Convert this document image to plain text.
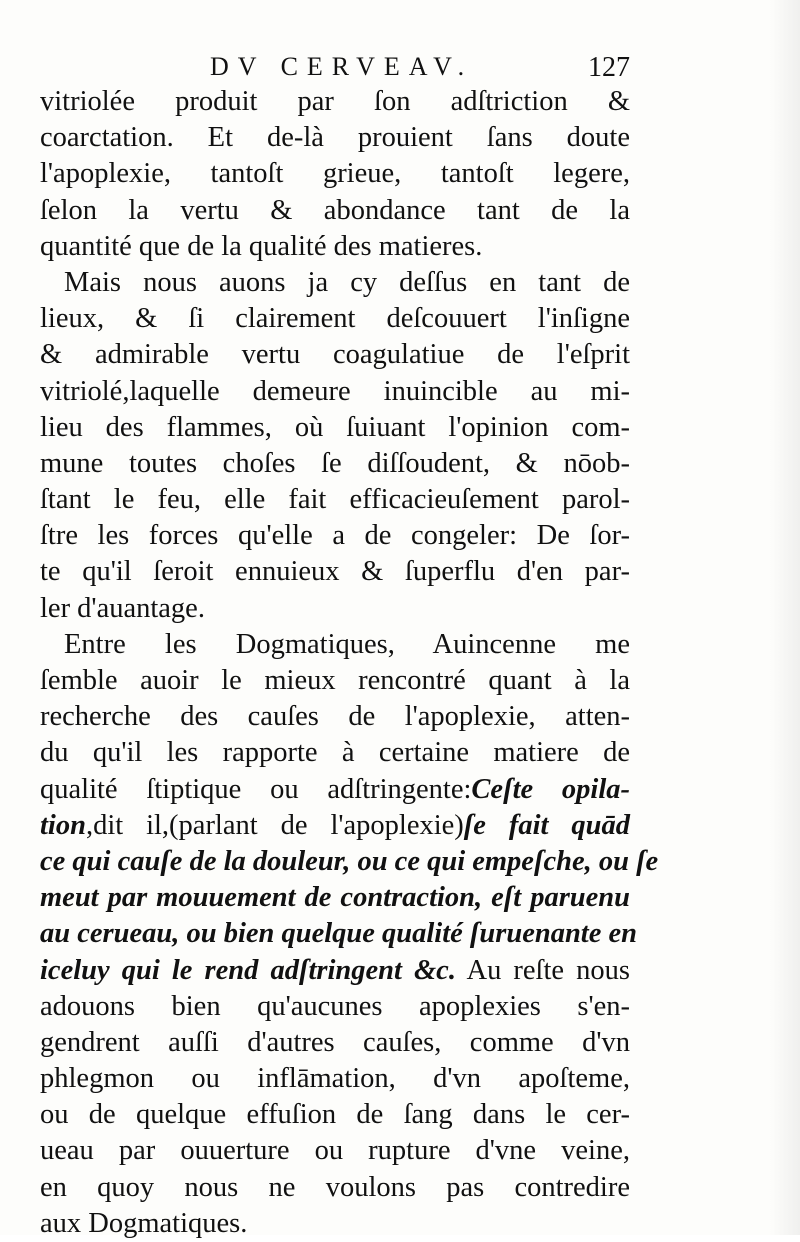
DV CERVEAV.	127
vitriolée produit par ſon adſtriction &
coarctation. Et de-là prouient ſans doute
l'apoplexie, tantoſt grieue, tantoſt legere,
ſelon la vertu & abondance tant de la
quantité que de la qualité des matieres.
Mais nous auons ja cy deſſus en tant de
lieux, & ſi clairement deſcouuert l'inſigne
& admirable vertu coagulatiue de l'eſprit
vitriolé,laquelle demeure inuincible au mi-
lieu des flammes, où ſuiuant l'opinion com-
mune toutes choſes ſe diſſoudent, & nōob-
ſtant le feu, elle fait efficacieuſement parol-
ſtre les forces qu'elle a de congeler: De ſor-
te qu'il ſeroit ennuieux & ſuperflu d'en par-
ler d'auantage.
Entre les Dogmatiques, Auincenne me
ſemble auoir le mieux rencontré quant à la
recherche des cauſes de l'apoplexie, atten-
du qu'il les rapporte à certaine matiere de
qualité ſtiptique ou adſtringente:Ceſte opila-
tion,dit il,(parlant de l'apoplexie)ſe fait quād
ce qui cauſe de la douleur, ou ce qui empeſche, ou ſe
meut par mouuement de contraction, eſt paruenu
au cerueau, ou bien quelque qualité ſuruenante en
iceluy qui le rend adſtringent &c. Au reſte nous
adouons bien qu'aucunes apoplexies s'en-
gendrent auſſi d'autres cauſes, comme d'vn
phlegmon ou inflāmation, d'vn apoſteme,
ou de quelque effuſion de ſang dans le cer-
ueau par ouuerture ou rupture d'vne veine,
en quoy nous ne voulons pas contredire
aux Dogmatiques.
